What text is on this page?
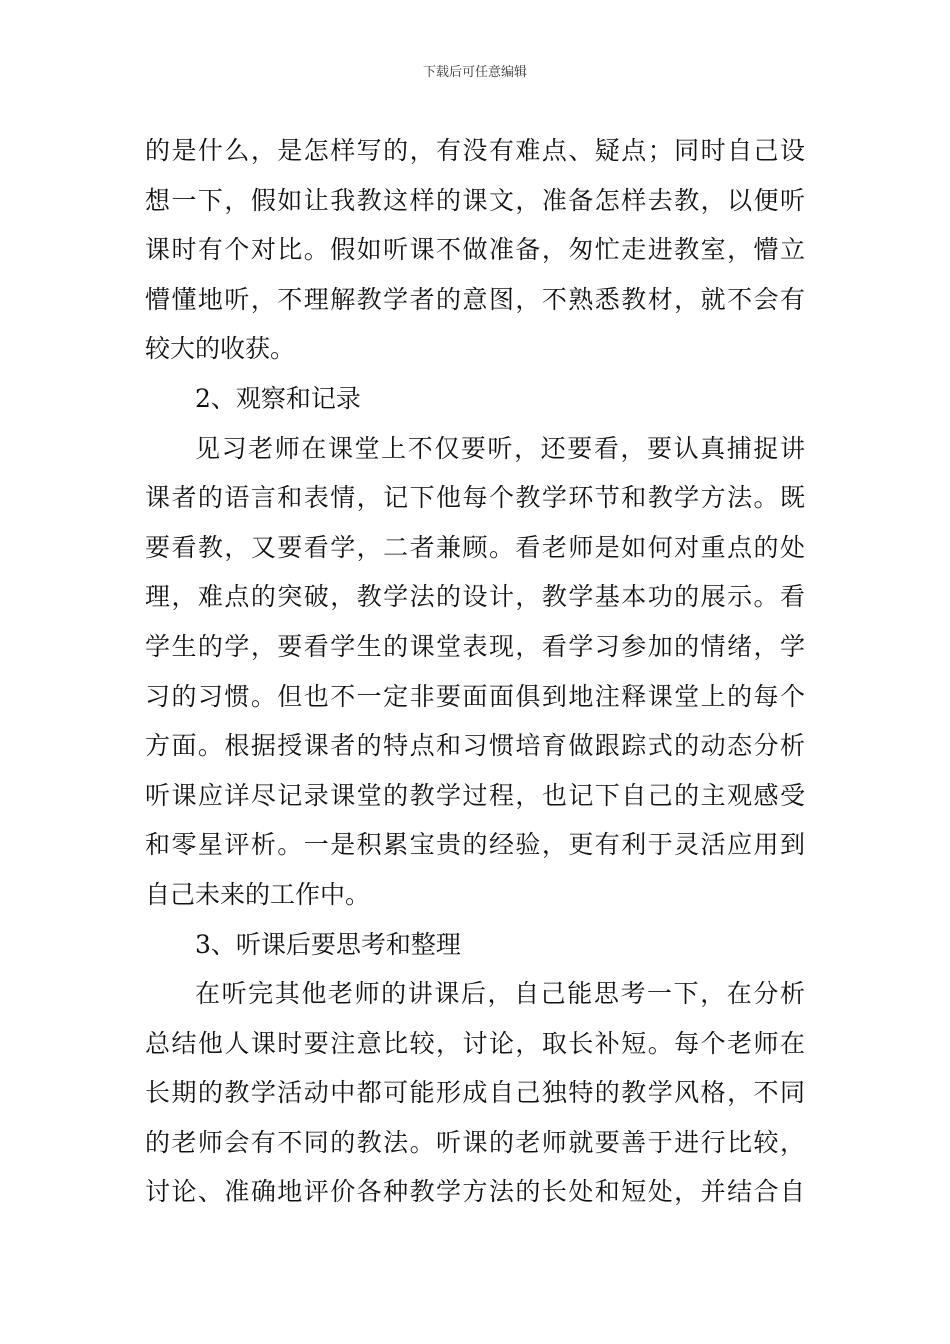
下载后可任意编辑
的是什么，是怎样写的，有没有难点、疑点；同时自己设
想一下，假如让我教这样的课文，准备怎样去教，以便听
课时有个对比。假如听课不做准备，匆忙走进教室，懵立
懵懂地听，不理解教学者的意图，不熟悉教材，就不会有
较大的收获。
2、观察和记录
见习老师在课堂上不仅要听，还要看，要认真捕捉讲
课者的语言和表情，记下他每个教学环节和教学方法。既
要看教，又要看学，二者兼顾。看老师是如何对重点的处
理，难点的突破，教学法的设计，教学基本功的展示。看
学生的学，要看学生的课堂表现，看学习参加的情绪，学
习的习惯。但也不一定非要面面俱到地注释课堂上的每个
方面。根据授课者的特点和习惯培育做跟踪式的动态分析
听课应详尽记录课堂的教学过程，也记下自己的主观感受
和零星评析。一是积累宝贵的经验，更有利于灵活应用到
自己未来的工作中。
3、听课后要思考和整理
在听完其他老师的讲课后，自己能思考一下，在分析
总结他人课时要注意比较，讨论，取长补短。每个老师在
长期的教学活动中都可能形成自己独特的教学风格，不同
的老师会有不同的教法。听课的老师就要善于进行比较，
讨论、准确地评价各种教学方法的长处和短处，并结合自
